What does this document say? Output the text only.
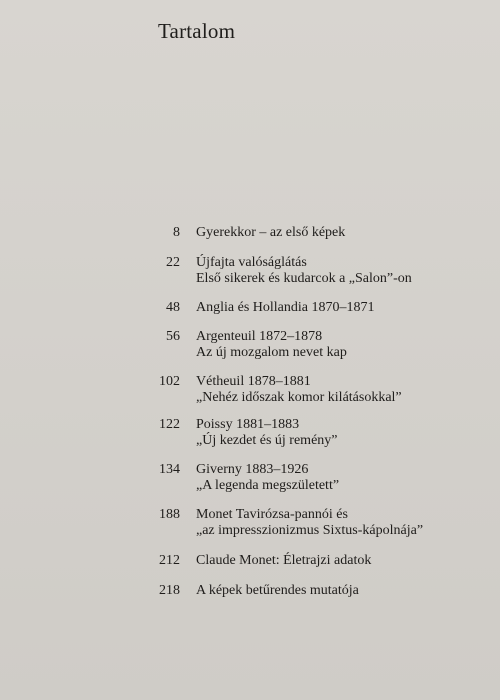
Tartalom
8 Gyerekkor – az első képek
22 Újfajta valóságlátás
Első sikerek és kudarcok a „Salon”-on
48 Anglia és Hollandia 1870–1871
56 Argenteuil 1872–1878
Az új mozgalom nevet kap
102 Vétheuil 1878–1881
„Nehéz időszak komor kilátásokkal”
122 Poissy 1881–1883
„Új kezdet és új remény”
134 Giverny 1883–1926
„A legenda megszületett”
188 Monet Tavirózsa-pannói és
„az impresszionizmus Sixtus-kápolnája”
212 Claude Monet: Életrajzi adatok
218 A képek betűrendes mutatója
